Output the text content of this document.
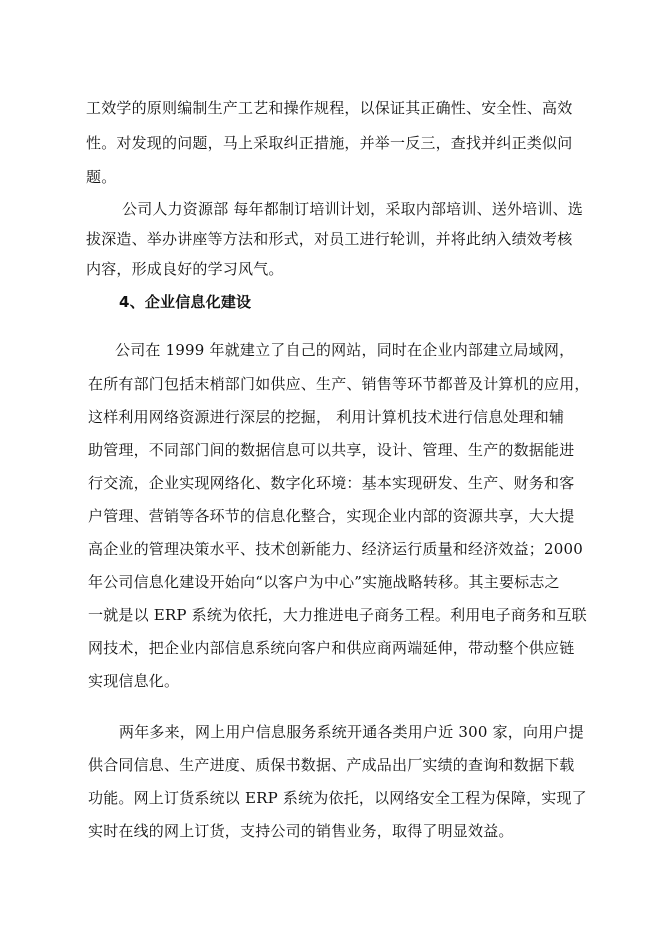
工效学的原则编制生产工艺和操作规程，以保证其正确性、安全性、高效
性。对发现的问题，马上采取纠正措施，并举一反三，查找并纠正类似问
题。
公司人力资源部 每年都制订培训计划，采取内部培训、送外培训、选
拔深造、举办讲座等方法和形式，对员工进行轮训，并将此纳入绩效考核
内容，形成良好的学习风气。
4、企业信息化建设
公司在 1999 年就建立了自己的网站，同时在企业内部建立局域网，
在所有部门包括末梢部门如供应、生产、销售等环节都普及计算机的应用，
这样利用网络资源进行深层的挖掘， 利用计算机技术进行信息处理和辅
助管理，不同部门间的数据信息可以共享，设计、管理、生产的数据能进
行交流，企业实现网络化、数字化环境：基本实现研发、生产、财务和客
户管理、营销等各环节的信息化整合，实现企业内部的资源共享，大大提
高企业的管理决策水平、技术创新能力、经济运行质量和经济效益；2000
年公司信息化建设开始向“以客户为中心”实施战略转移。其主要标志之
一就是以 ERP 系统为依托，大力推进电子商务工程。利用电子商务和互联
网技术，把企业内部信息系统向客户和供应商两端延伸，带动整个供应链
实现信息化。
两年多来，网上用户信息服务系统开通各类用户近 300 家，向用户提
供合同信息、生产进度、质保书数据、产成品出厂实绩的查询和数据下载
功能。网上订货系统以 ERP 系统为依托，以网络安全工程为保障，实现了
实时在线的网上订货，支持公司的销售业务，取得了明显效益。
